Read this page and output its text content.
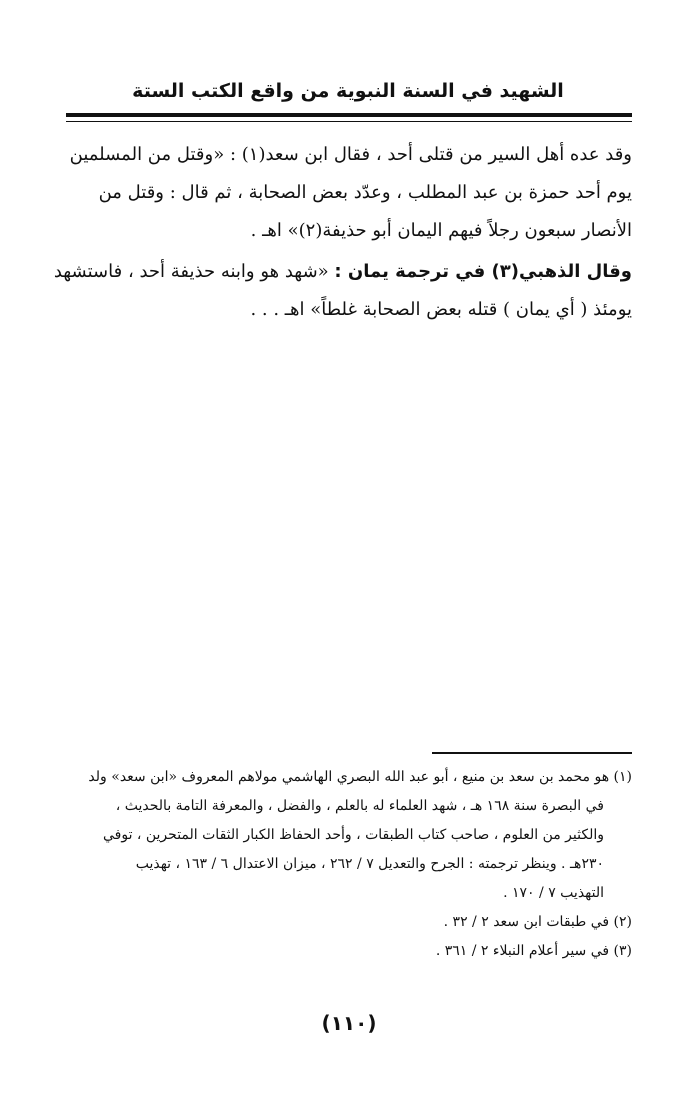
الشهيد في السنة النبوية من واقع الكتب الستة
وقد عده أهل السير من قتلى أحد ، فقال ابن سعد(١) : «وقتل من المسلمين
يوم أحد حمزة بن عبد المطلب ، وعدّد بعض الصحابة ، ثم قال : وقتل من
الأنصار سبعون رجلاً فيهم اليمان أبو حذيفة(٢)» اهـ .
وقال الذهبي(٣) في ترجمة يمان : «شهد هو وابنه حذيفة أحد ، فاستشهد
يومئذ ( أي يمان ) قتله بعض الصحابة غلطاً» اهـ . . .
(١) هو محمد بن سعد بن منيع ، أبو عبد الله البصري الهاشمي مولاهم المعروف «ابن سعد» ولد
في البصرة سنة ١٦٨ هـ ، شهد العلماء له بالعلم ، والفضل ، والمعرفة التامة بالحديث ،
والكثير من العلوم ، صاحب كتاب الطبقات ، وأحد الحفاظ الكبار الثقات المتحرين ، توفي
٢٣٠هـ . وينظر ترجمته : الجرح والتعديل ٧ / ٢٦٢ ، ميزان الاعتدال ٦ / ١٦٣ ، تهذيب
التهذيب ٧ / ١٧٠ .
(٢) في طبقات ابن سعد ٢ / ٣٢ .
(٣) في سير أعلام النبلاء ٢ / ٣٦١ .
(١١٠)
